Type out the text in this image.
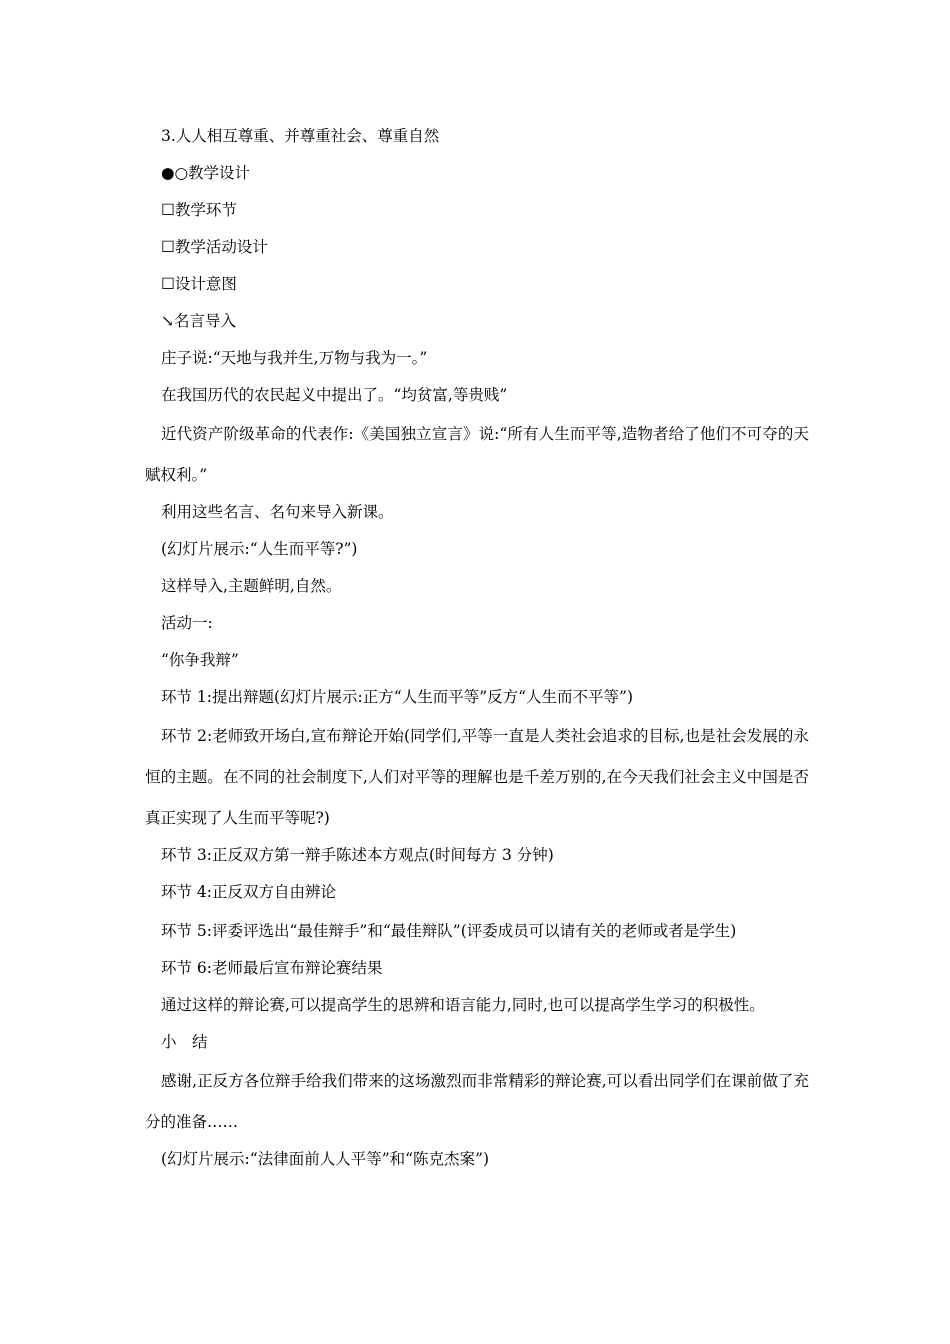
3.人人相互尊重、并尊重社会、尊重自然

●○教学设计

☐教学环节

☐教学活动设计

☐设计意图

↘名言导入

庄子说:“天地与我并生,万物与我为一。”

在我国历代的农民起义中提出了。“均贫富,等贵贱”

近代资产阶级革命的代表作:《美国独立宣言》说:“所有人生而平等,造物者给了他们不可夺的天赋权利。”

利用这些名言、名句来导入新课。

(幻灯片展示:“人生而平等?”)

这样导入,主题鲜明,自然。

活动一:

“你争我辩”

环节 1:提出辩题(幻灯片展示:正方“人生而平等”反方“人生而不平等”)

环节 2:老师致开场白,宣布辩论开始(同学们,平等一直是人类社会追求的目标,也是社会发展的永恒的主题。在不同的社会制度下,人们对平等的理解也是千差万别的,在今天我们社会主义中国是否真正实现了人生而平等呢?)

环节 3:正反双方第一辩手陈述本方观点(时间每方 3 分钟)

环节 4:正反双方自由辨论

环节 5:评委评选出“最佳辩手”和“最佳辩队”(评委成员可以请有关的老师或者是学生)

环节 6:老师最后宣布辩论赛结果

通过这样的辩论赛,可以提高学生的思辨和语言能力,同时,也可以提高学生学习的积极性。

小　结

感谢,正反方各位辩手给我们带来的这场激烈而非常精彩的辩论赛,可以看出同学们在课前做了充分的准备……

(幻灯片展示:“法律面前人人平等”和“陈克杰案”)
